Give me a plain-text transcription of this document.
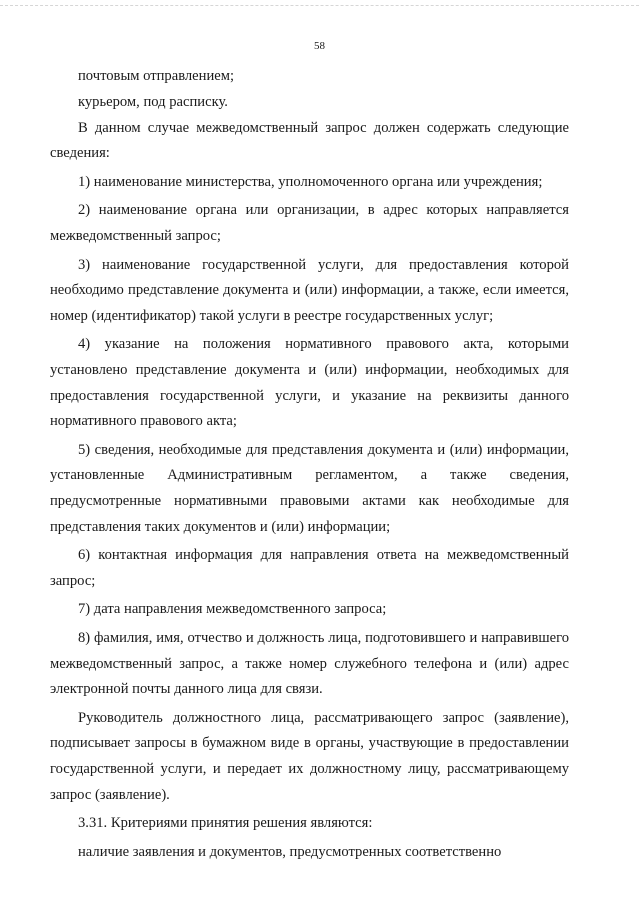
58

почтовым отправлением;

курьером, под расписку.

В данном случае межведомственный запрос должен содержать следующие сведения:

1) наименование министерства, уполномоченного органа или учреждения;

2) наименование органа или организации, в адрес которых направляется межведомственный запрос;

3) наименование государственной услуги, для предоставления которой необходимо представление документа и (или) информации, а также, если имеется, номер (идентификатор) такой услуги в реестре государственных услуг;

4) указание на положения нормативного правового акта, которыми установлено представление документа и (или) информации, необходимых для предоставления государственной услуги, и указание на реквизиты данного нормативного правового акта;

5) сведения, необходимые для представления документа и (или) информации, установленные Административным регламентом, а также сведения, предусмотренные нормативными правовыми актами как необходимые для представления таких документов и (или) информации;

6) контактная информация для направления ответа на межведомственный запрос;

7) дата направления межведомственного запроса;

8) фамилия, имя, отчество и должность лица, подготовившего и направившего межведомственный запрос, а также номер служебного телефона и (или) адрес электронной почты данного лица для связи.

Руководитель должностного лица, рассматривающего запрос (заявление), подписывает запросы в бумажном виде в органы, участвующие в предоставлении государственной услуги, и передает их должностному лицу, рассматривающему запрос (заявление).

3.31. Критериями принятия решения являются:

наличие заявления и документов, предусмотренных соответственно
